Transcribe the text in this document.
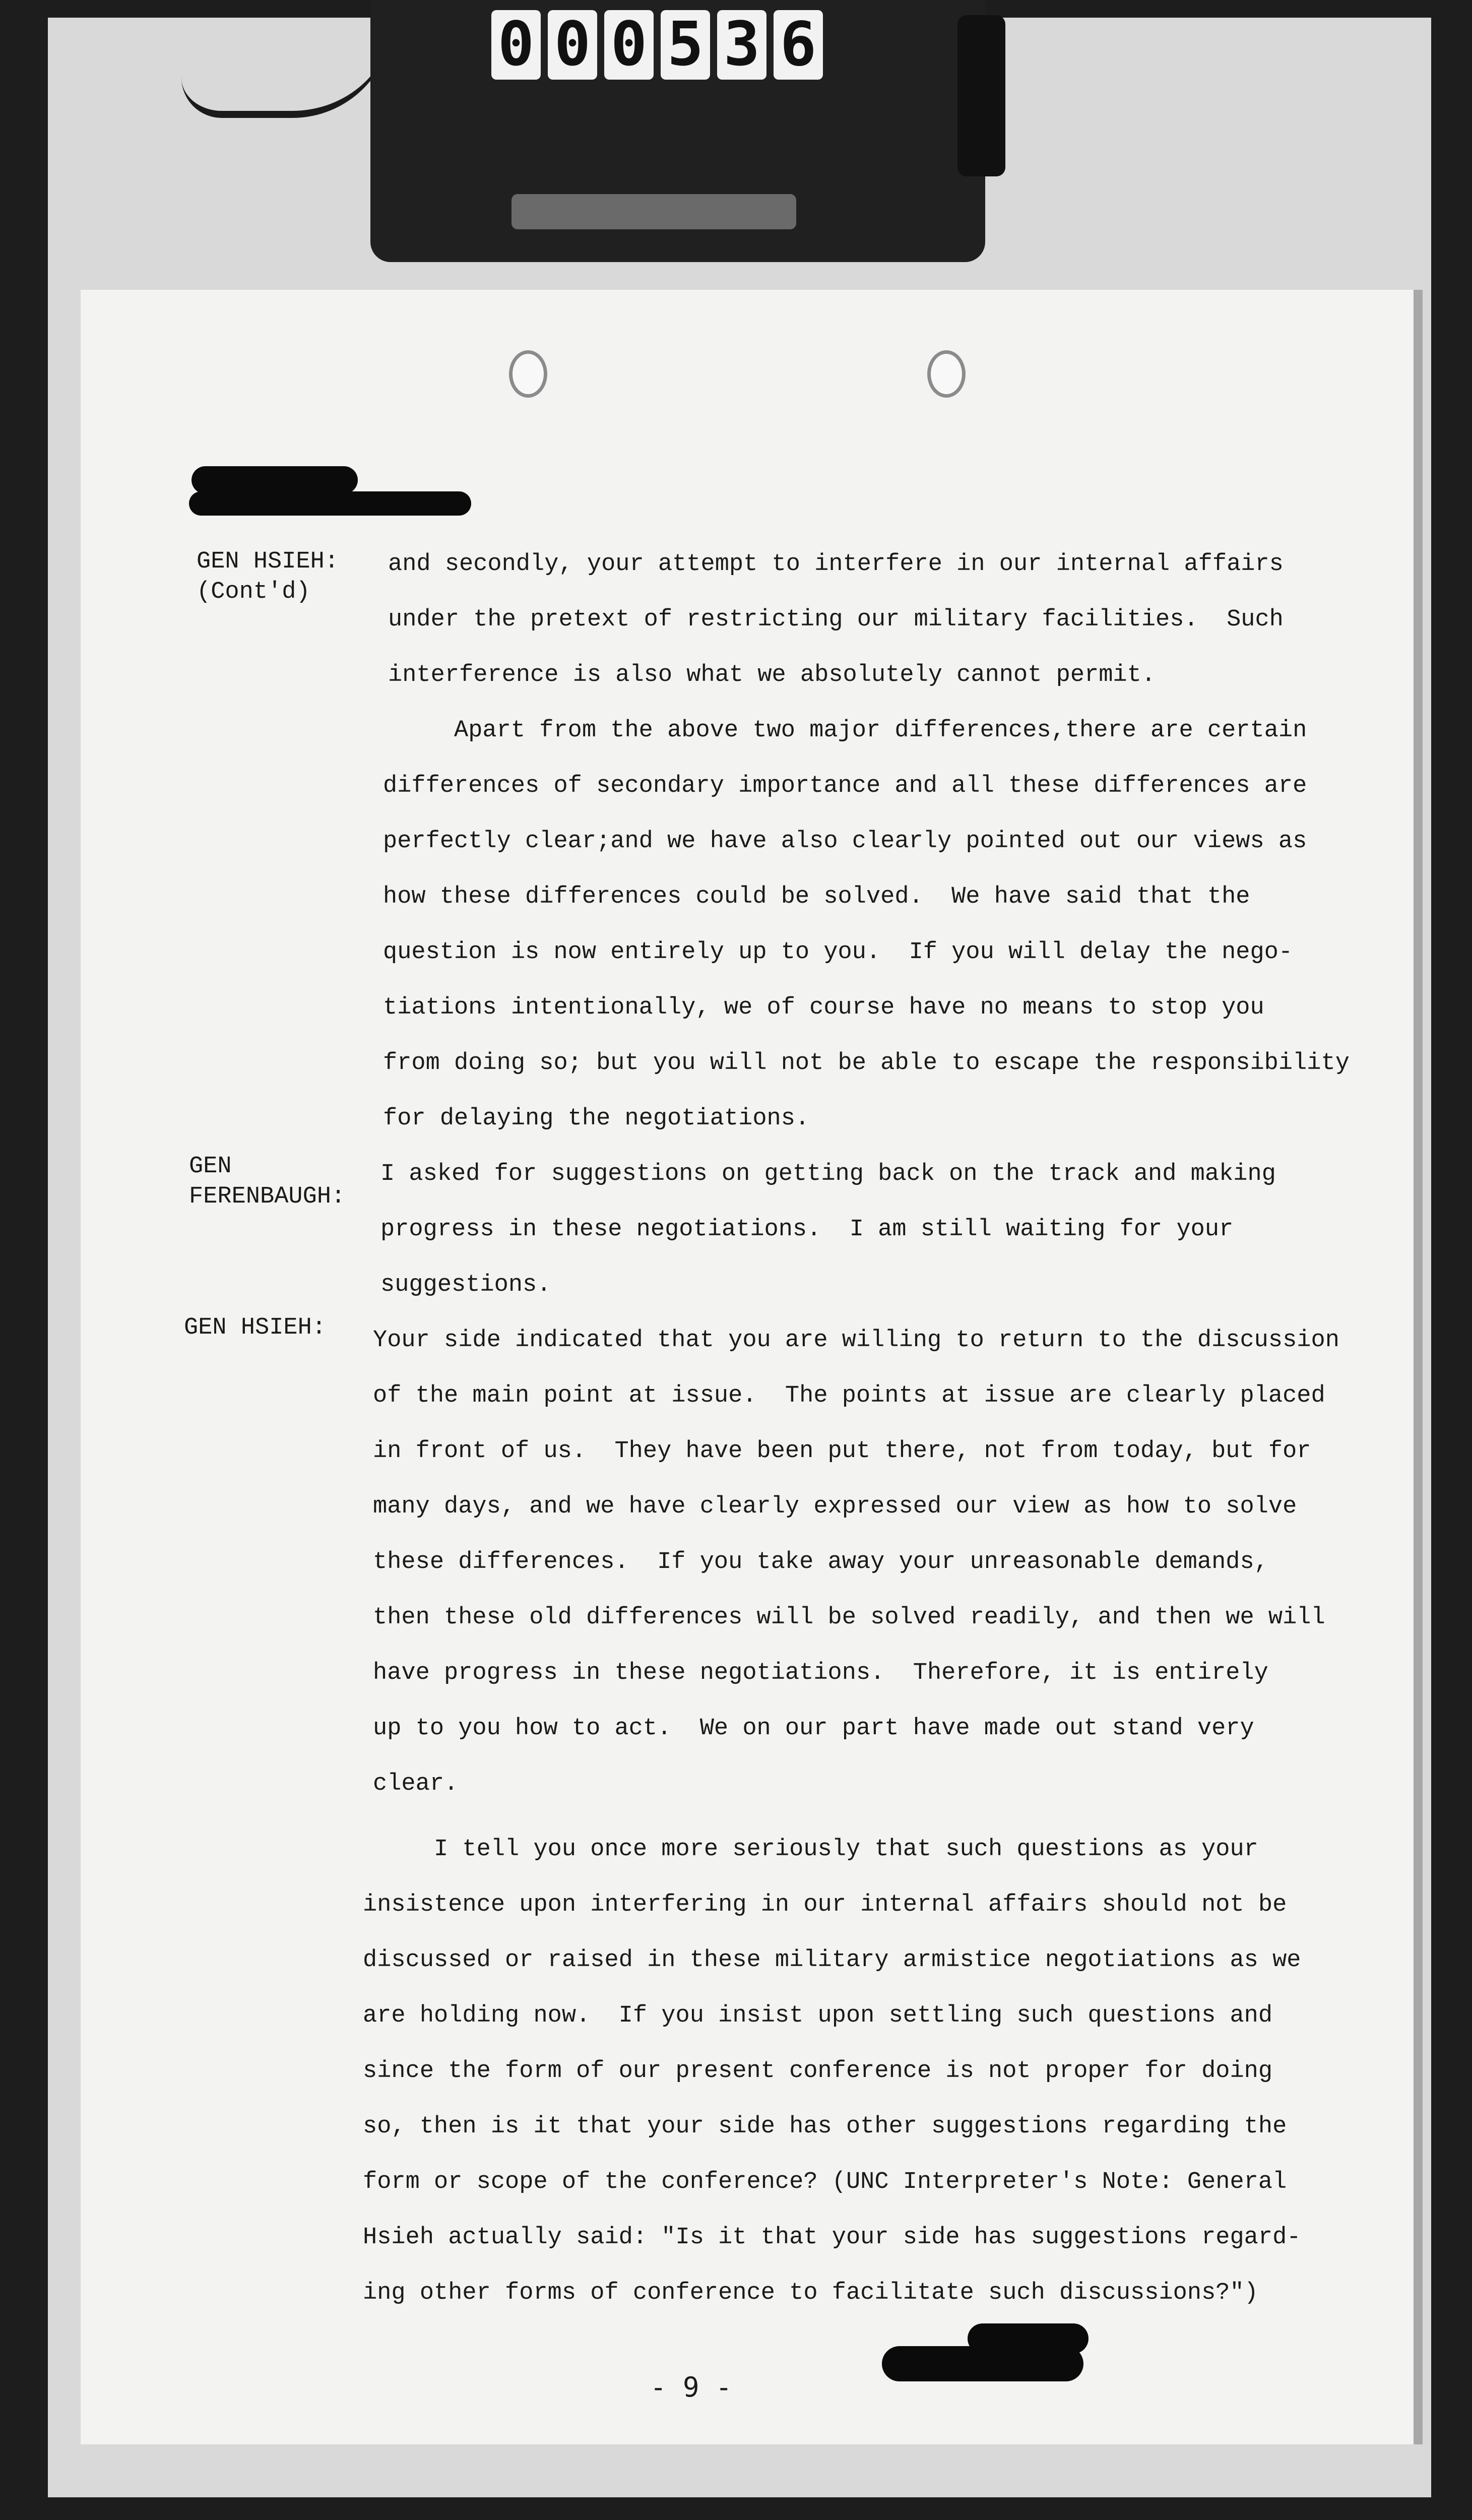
0 0 0 5 3 6
GEN HSIEH:
(Cont'd)
and secondly, your attempt to interfere in our internal affairs
under the pretext of restricting our military facilities.  Such
interference is also what we absolutely cannot permit.
Apart from the above two major differences,there are certain
differences of secondary importance and all these differences are
perfectly clear;and we have also clearly pointed out our views as
how these differences could be solved.  We have said that the
question is now entirely up to you.  If you will delay the nego-
tiations intentionally, we of course have no means to stop you
from doing so; but you will not be able to escape the responsibility
for delaying the negotiations.
GEN
FERENBAUGH:
I asked for suggestions on getting back on the track and making
progress in these negotiations.  I am still waiting for your
suggestions.
GEN HSIEH: Your side indicated that you are willing to return to the discussion
of the main point at issue.  The points at issue are clearly placed
in front of us.  They have been put there, not from today, but for
many days, and we have clearly expressed our view as how to solve
these differences.  If you take away your unreasonable demands,
then these old differences will be solved readily, and then we will
have progress in these negotiations.  Therefore, it is entirely
up to you how to act.  We on our part have made out stand very
clear.
I tell you once more seriously that such questions as your
insistence upon interfering in our internal affairs should not be
discussed or raised in these military armistice negotiations as we
are holding now.  If you insist upon settling such questions and
since the form of our present conference is not proper for doing
so, then is it that your side has other suggestions regarding the
form or scope of the conference? (UNC Interpreter's Note: General
Hsieh actually said: "Is it that your side has suggestions regard-
ing other forms of conference to facilitate such discussions?")
- 9 -
